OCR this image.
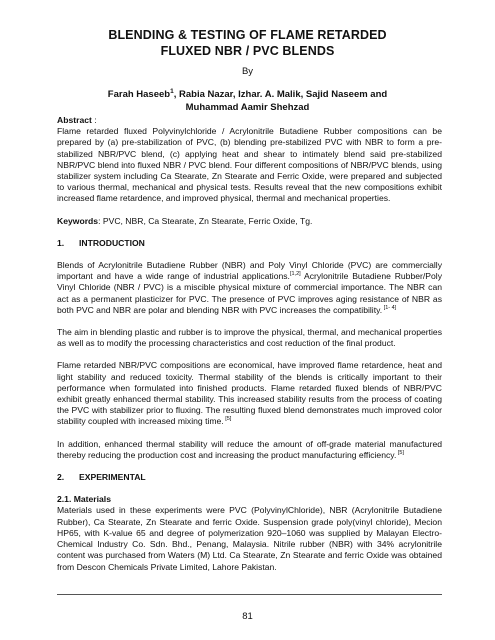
BLENDING & TESTING OF FLAME RETARDED
FLUXED NBR / PVC BLENDS
By
Farah Haseeb$^1$, Rabia Nazar, Izhar. A. Malik, Sajid Naseem and
Muhammad Aamir Shehzad

Abstract :

Flame retarded fluxed Polyvinylchloride / Acrylonitrile Butadiene Rubber compositions can be prepared by (a) pre-stabilization of PVC, (b) blending pre-stabilized PVC with NBR to form a pre-stabilized NBR/PVC blend, (c) applying heat and shear to intimately blend said pre-stabilized NBR/PVC blend into fluxed NBR / PVC blend. Four different compositions of NBR/PVC blends, using stabilizer system including Ca Stearate, Zn Stearate and Ferric Oxide, were prepared and subjected to various thermal, mechanical and physical tests. Results reveal that the new compositions exhibit increased flame retardence, and improved physical, thermal and mechanical properties.

Keywords: PVC, NBR, Ca Stearate, Zn Stearate, Ferric Oxide, Tg.

1.	INTRODUCTION

Blends of Acrylonitrile Butadiene Rubber (NBR) and Poly Vinyl Chloride (PVC) are commercially important and have a wide range of industrial applications.[1,2] Acrylonitrile Butadiene Rubber/Poly Vinyl Chloride (NBR / PVC) is a miscible physical mixture of commercial importance. The NBR can act as a permanent plasticizer for PVC. The presence of PVC improves aging resistance of NBR as both PVC and NBR are polar and blending NBR with PVC increases the compatibility. [1- 4]

The aim in blending plastic and rubber is to improve the physical, thermal, and mechanical properties as well as to modify the processing characteristics and cost reduction of the final product.

Flame retarded NBR/PVC compositions are economical, have improved flame retardence, heat and light stability and reduced toxicity. Thermal stability of the blends is critically important to their performance when formulated into finished products. Flame retarded fluxed blends of NBR/PVC exhibit greatly enhanced thermal stability. This increased stability results from the process of coating the PVC with stabilizer prior to fluxing. The resulting fluxed blend demonstrates much improved color stability coupled with increased mixing time. [5]

In addition, enhanced thermal stability will reduce the amount of off-grade material manufactured thereby reducing the production cost and increasing the product manufacturing efficiency. [5]

2.	EXPERIMENTAL

2.1. Materials

Materials used in these experiments were PVC (PolyvinylChloride), NBR (Acrylonitrile Butadiene Rubber), Ca Stearate, Zn Stearate and ferric Oxide. Suspension grade poly(vinyl chloride), Mecion HP65, with K-value 65 and degree of polymerization 920–1060 was supplied by Malayan Electro-Chemical Industry Co. Sdn. Bhd., Penang, Malaysia. Nitrile rubber (NBR) with 34% acrylonitrile content was purchased from Waters (M) Ltd. Ca Stearate, Zn Stearate and ferric Oxide was obtained from Descon Chemicals Private Limited, Lahore Pakistan.

81
